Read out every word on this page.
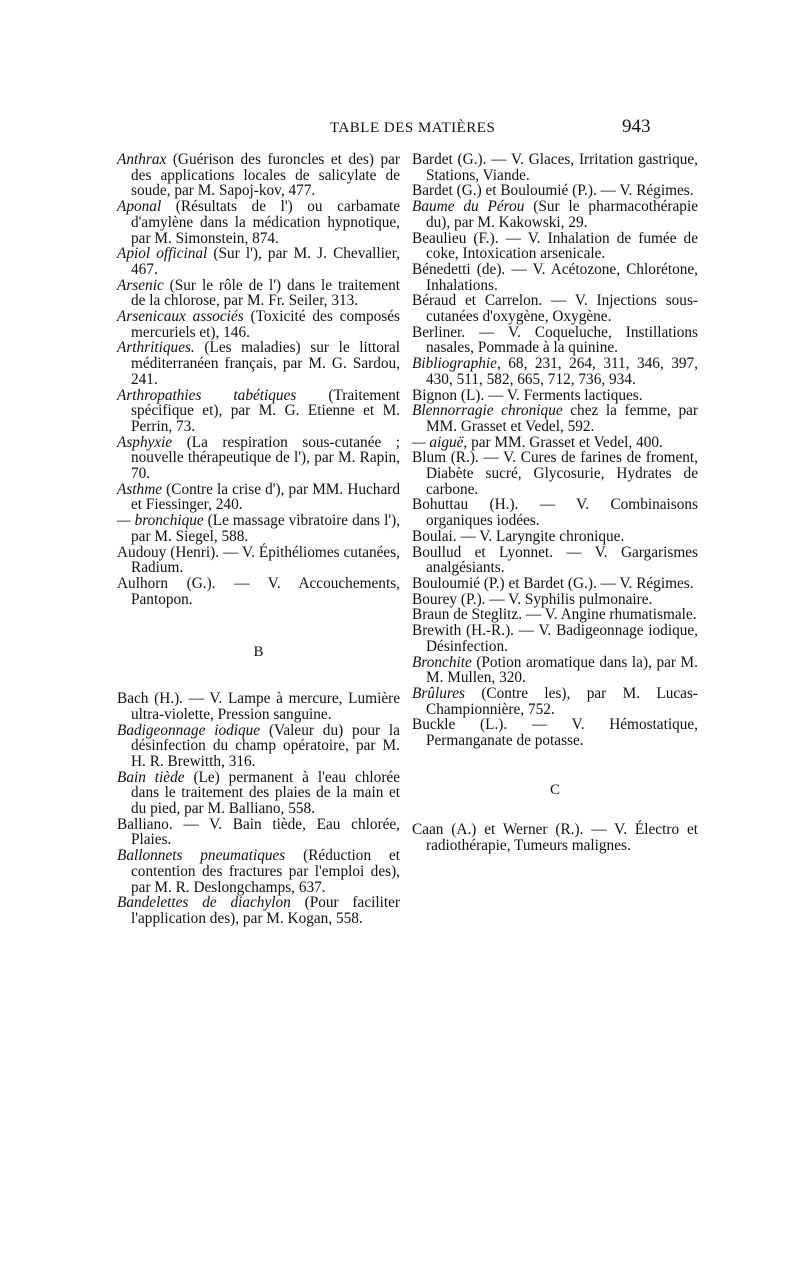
TABLE DES MATIÈRES	943

Anthrax (Guérison des furoncles et des) par des applications locales de salicylate de soude, par M. Sapoj-kov, 477.

Aponal (Résultats de l') ou carbamate d'amylène dans la médication hypnotique, par M. Simonstein, 874.

Apiol officinal (Sur l'), par M. J. Chevallier, 467.

Arsenic (Sur le rôle de l') dans le traitement de la chlorose, par M. Fr. Seiler, 313.

Arsenicaux associés (Toxicité des composés mercuriels et), 146.

Arthritiques. (Les maladies) sur le littoral méditerranéen français, par M. G. Sardou, 241.

Arthropathies tabétiques (Traitement spécifique et), par M. G. Etienne et M. Perrin, 73.

Asphyxie (La respiration sous-cutanée ; nouvelle thérapeutique de l'), par M. Rapin, 70.

Asthme (Contre la crise d'), par MM. Huchard et Fiessinger, 240.

— bronchique (Le massage vibratoire dans l'), par M. Siegel, 588.

Audouy (Henri). — V. Épithéliomes cutanées, Radium.

Aulhorn (G.). — V. Accouchements, Pantopon.

B

Bach (H.). — V. Lampe à mercure, Lumière ultra-violette, Pression sanguine.

Badigeonnage iodique (Valeur du) pour la désinfection du champ opératoire, par M. H. R. Brewitth, 316.

Bain tiède (Le) permanent à l'eau chlorée dans le traitement des plaies de la main et du pied, par M. Balliano, 558.

Balliano. — V. Bain tiède, Eau chlorée, Plaies.

Ballonnets pneumatiques (Réduction et contention des fractures par l'emploi des), par M. R. Deslongchamps, 637.

Bandelettes de diachylon (Pour faciliter l'application des), par M. Kogan, 558.

Bardet (G.). — V. Glaces, Irritation gastrique, Stations, Viande.

Bardet (G.) et Bouloumié (P.). — V. Régimes.

Baume du Pérou (Sur le pharmacothérapie du), par M. Kakowski, 29.

Beaulieu (F.). — V. Inhalation de fumée de coke, Intoxication arsenicale.

Bénedetti (de). — V. Acétozone, Chlorétone, Inhalations.

Béraud et Carrelon. — V. Injections sous-cutanées d'oxygène, Oxygène.

Berliner. — V. Coqueluche, Instillations nasales, Pommade à la quinine.

Bibliographie, 68, 231, 264, 311, 346, 397, 430, 511, 582, 665, 712, 736, 934.

Bignon (L). — V. Ferments lactiques.

Blennorragie chronique chez la femme, par MM. Grasset et Vedel, 592.

— aiguë, par MM. Grasset et Vedel, 400.

Blum (R.). — V. Cures de farines de froment, Diabète sucré, Glycosurie, Hydrates de carbone.

Bohuttau (H.). — V. Combinaisons organiques iodées.

Boulai. — V. Laryngite chronique.

Boullud et Lyonnet. — V. Gargarismes analgésiants.

Bouloumié (P.) et Bardet (G.). — V. Régimes.

Bourey (P.). — V. Syphilis pulmonaire.

Braun de Steglitz. — V. Angine rhumatismale.

Brewith (H.-R.). — V. Badigeonnage iodique, Désinfection.

Bronchite (Potion aromatique dans la), par M. M. Mullen, 320.

Brûlures (Contre les), par M. Lucas-Championnière, 752.

Buckle (L.). — V. Hémostatique, Permanganate de potasse.

C

Caan (A.) et Werner (R.). — V. Électro et radiothérapie, Tumeurs malignes.
